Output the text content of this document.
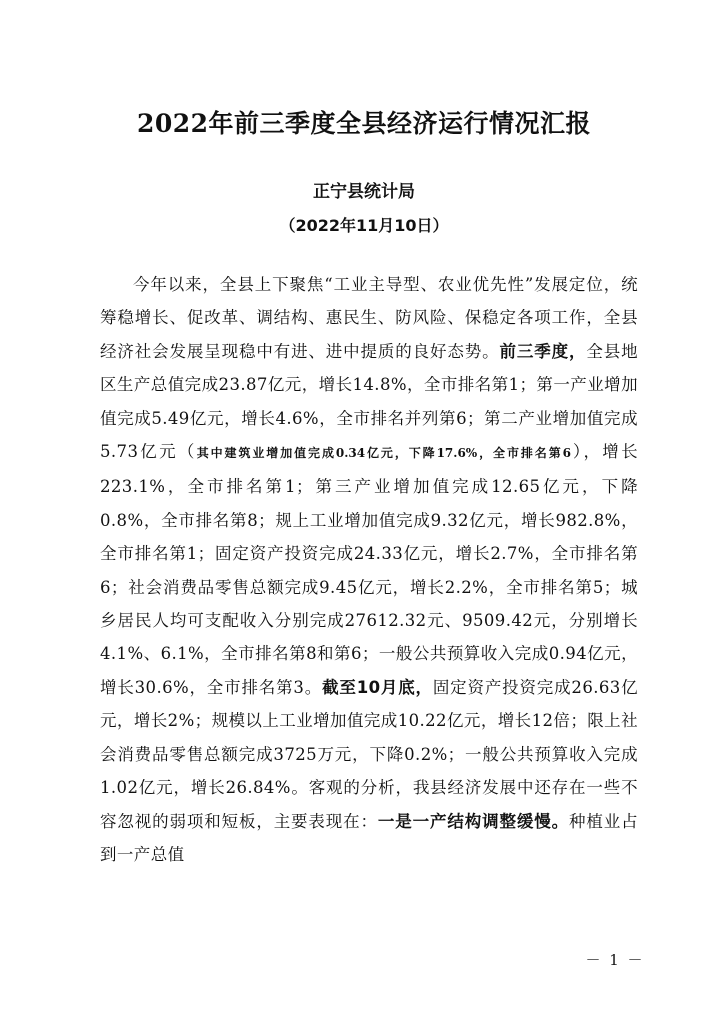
2022年前三季度全县经济运行情况汇报
正宁县统计局
（2022年11月10日）

今年以来，全县上下聚焦“工业主导型、农业优先性”发展定位，统筹稳增长、促改革、调结构、惠民生、防风险、保稳定各项工作，全县经济社会发展呈现稳中有进、进中提质的良好态势。前三季度，全县地区生产总值完成23.87亿元，增长14.8%，全市排名第1；第一产业增加值完成5.49亿元，增长4.6%，全市排名并列第6；第二产业增加值完成5.73亿元（其中建筑业增加值完成0.34亿元，下降17.6%，全市排名第6），增长223.1%，全市排名第1；第三产业增加值完成12.65亿元，下降0.8%，全市排名第8；规上工业增加值完成9.32亿元，增长982.8%，全市排名第1；固定资产投资完成24.33亿元，增长2.7%，全市排名第6；社会消费品零售总额完成9.45亿元，增长2.2%，全市排名第5；城乡居民人均可支配收入分别完成27612.32元、9509.42元，分别增长4.1%、6.1%，全市排名第8和第6；一般公共预算收入完成0.94亿元，增长30.6%，全市排名第3。截至10月底，固定资产投资完成26.63亿元，增长2%；规模以上工业增加值完成10.22亿元，增长12倍；限上社会消费品零售总额完成3725万元，下降0.2%；一般公共预算收入完成1.02亿元，增长26.84%。客观的分析，我县经济发展中还存在一些不容忽视的弱项和短板，主要表现在：一是一产结构调整缓慢。种植业占到一产总值

－ 1 －
